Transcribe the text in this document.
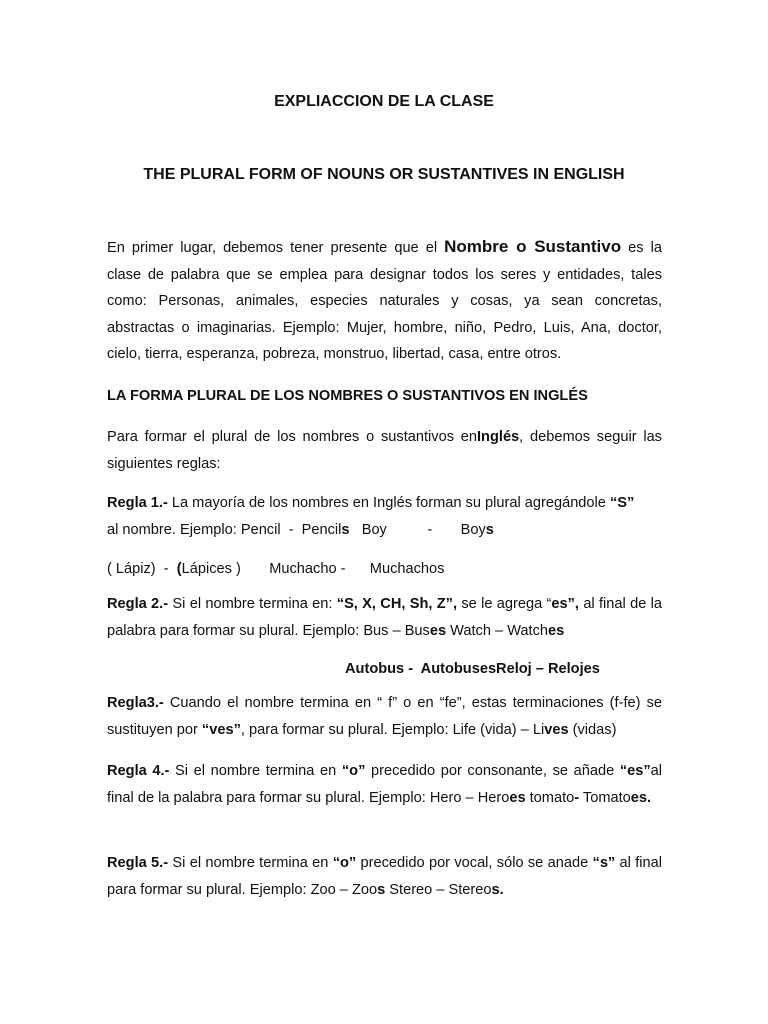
EXPLIACCION DE LA CLASE
THE PLURAL FORM OF NOUNS OR SUSTANTIVES IN ENGLISH

En primer lugar, debemos tener presente que el Nombre o Sustantivo es la clase de palabra que se emplea para designar todos los seres y entidades, tales como: Personas, animales, especies naturales y cosas, ya sean concretas, abstractas o imaginarias. Ejemplo: Mujer, hombre, niño, Pedro, Luis, Ana, doctor, cielo, tierra, esperanza, pobreza, monstruo, libertad, casa, entre otros.

LA FORMA PLURAL DE LOS NOMBRES O SUSTANTIVOS EN INGLÉS

Para formar el plural de los nombres o sustantivos enInglés, debemos seguir las siguientes reglas:

Regla 1.- La mayoría de los nombres en Inglés forman su plural agregándole “S”

al nombre. Ejemplo: Pencil  -  Pencils   Boy          -       Boys

( Lápiz)  -  (Lápices )       Muchacho -      Muchachos

Regla 2.- Si el nombre termina en: “S, X, CH, Sh, Z”, se le agrega “es”, al final de la palabra para formar su plural. Ejemplo: Bus – Buses Watch – Watches

Autobus -  AutobusesReloj – Relojes

Regla3.- Cuando el nombre termina en “ f” o en “fe”, estas terminaciones (f-fe) se sustituyen por “ves”, para formar su plural. Ejemplo: Life (vida) – Lives (vidas)

Regla 4.- Si el nombre termina en “o” precedido por consonante, se añade “es”al final de la palabra para formar su plural. Ejemplo: Hero – Heroes tomato- Tomatoes.

Regla 5.- Si el nombre termina en “o” precedido por vocal, sólo se anade “s” al final para formar su plural. Ejemplo: Zoo – Zoos Stereo – Stereos.
